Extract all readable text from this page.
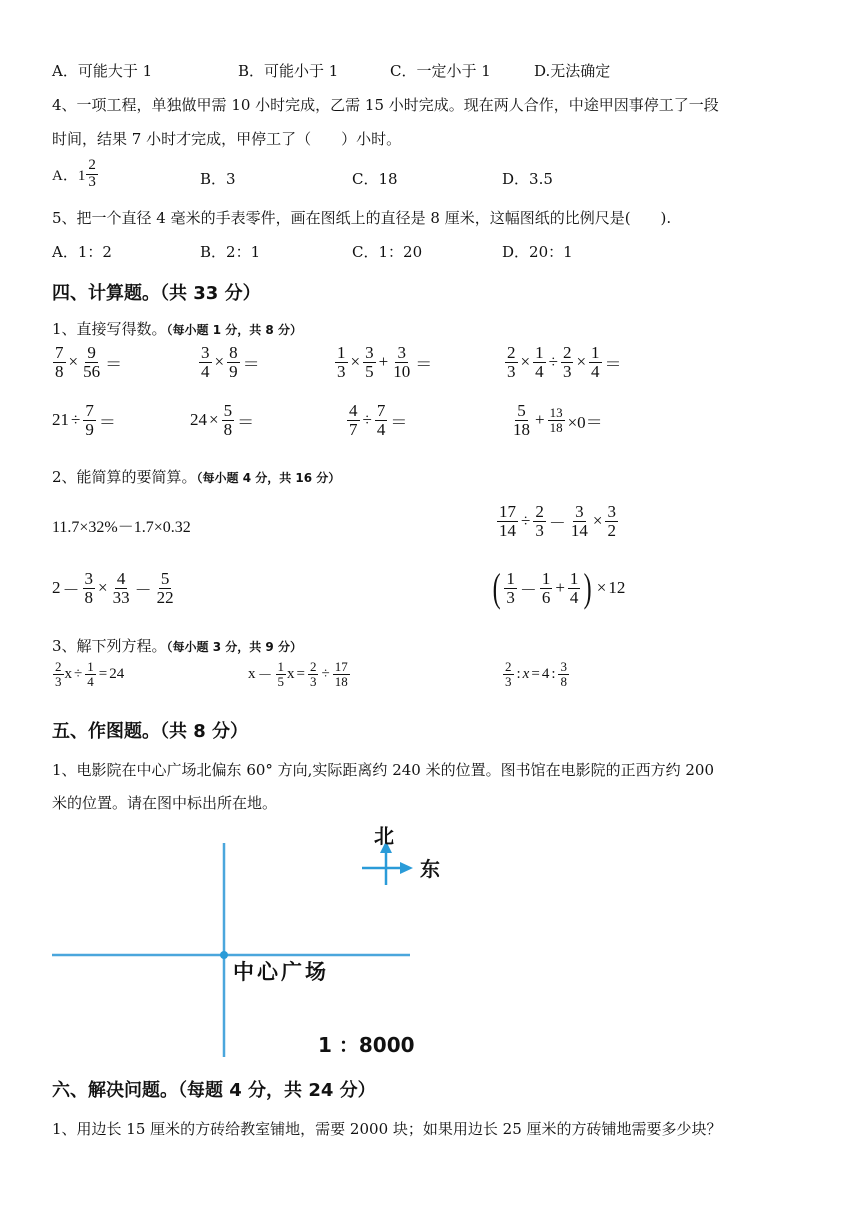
A．可能大于 1	B．可能小于 1	C．一定小于 1	D.无法确定
4、一项工程，单独做甲需 10 小时完成，乙需 15 小时完成。现在两人合作，中途甲因事停工了一段
时间，结果 7 小时才完成，甲停工了（　　）小时。
A．$1 \frac{2}{3}$	B．3	C．18	D．3.5
5、把一个直径 4 毫米的手表零件，画在图纸上的直径是 8 厘米，这幅图纸的比例尺是(　　).
A．1：2	B．2：1	C．1：20	D．20：1
四、计算题。（共 33 分）
1、直接写得数。（每小题 1 分，共 8 分）
$\frac{7}{8} \times \frac{9}{56}$ ＝	$\frac{3}{4} \times \frac{8}{9}$ ＝	$\frac{1}{3} \times \frac{3}{5} + \frac{3}{10}$ ＝	$\frac{2}{3} \times \frac{1}{4} \div \frac{2}{3} \times \frac{1}{4}$ ＝
$21 \div \frac{7}{9}$ ＝	$24 \times \frac{5}{8}$ ＝	$\frac{4}{7} \div \frac{7}{4}$ ＝	$\frac{5}{18} + \frac{13}{18} \times 0=$
2、能简算的要简算。（每小题 4 分，共 16 分）
11.7×32%－1.7×0.32	$\frac{17}{14} \div \frac{2}{3} - \frac{3}{14} \times \frac{3}{2}$
$2 - \frac{3}{8} \times \frac{4}{33} - \frac{5}{22}$	( $\frac{1}{3} - \frac{1}{6} + \frac{1}{4}$ ) × 12
3、解下列方程。（每小题 3 分，共 9 分）
$\frac{2}{3}$ $x \div \frac{1}{4} = 24$	$x - \frac{1}{5}$ $x = \frac{2}{3} \div \frac{17}{18}$	$\frac{2}{3}$ : x = 4 : $\frac{3}{8}$
五、作图题。（共 8 分）
1、电影院在中心广场北偏东 60° 方向,实际距离约 240 米的位置。图书馆在电影院的正西方约 200
米的位置。请在图中标出所在地。
北
东
中心广场
1 ：8000
六、解决问题。（每题 4 分，共 24 分）
1、用边长 15 厘米的方砖给教室铺地，需要 2000 块；如果用边长 25 厘米的方砖铺地需要多少块？
